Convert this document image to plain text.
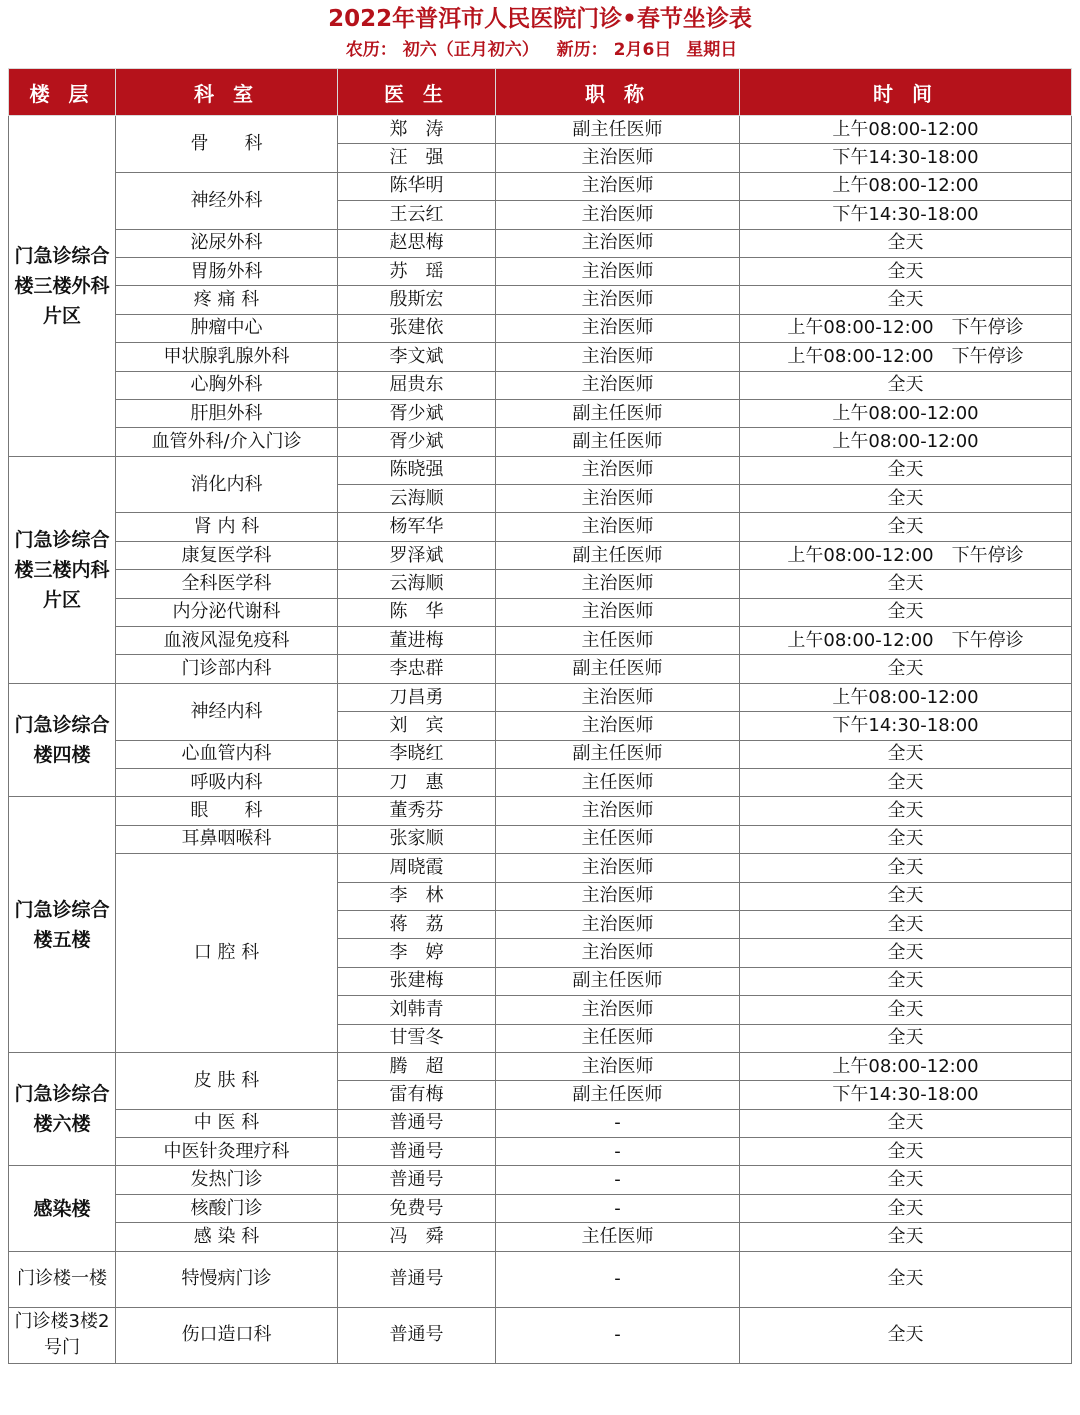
2022年普洱市人民医院门诊•春节坐诊表
农历： 初六（正月初六） 新历： 2月6日 星期日
楼 层	科 室	医 生	职 称	时 间
门急诊综合楼三楼外科片区	骨　　科	郑　涛	副主任医师	上午08:00-12:00
		汪　强	主治医师	下午14:30-18:00
	神经外科	陈华明	主治医师	上午08:00-12:00
		王云红	主治医师	下午14:30-18:00
	泌尿外科	赵思梅	主治医师	全天
	胃肠外科	苏　瑶	主治医师	全天
	疼 痛 科	殷斯宏	主治医师	全天
	肿瘤中心	张建依	主治医师	上午08:00-12:00　下午停诊
	甲状腺乳腺外科	李文斌	主治医师	上午08:00-12:00　下午停诊
	心胸外科	屈贵东	主治医师	全天
	肝胆外科	胥少斌	副主任医师	上午08:00-12:00
	血管外科/介入门诊	胥少斌	副主任医师	上午08:00-12:00
门急诊综合楼三楼内科片区	消化内科	陈晓强	主治医师	全天
		云海顺	主治医师	全天
	肾 内 科	杨军华	主治医师	全天
	康复医学科	罗泽斌	副主任医师	上午08:00-12:00　下午停诊
	全科医学科	云海顺	主治医师	全天
	内分泌代谢科	陈　华	主治医师	全天
	血液风湿免疫科	董进梅	主任医师	上午08:00-12:00　下午停诊
	门诊部内科	李忠群	副主任医师	全天
门急诊综合楼四楼	神经内科	刀昌勇	主治医师	上午08:00-12:00
		刘　宾	主治医师	下午14:30-18:00
	心血管内科	李晓红	副主任医师	全天
	呼吸内科	刀　惠	主任医师	全天
门急诊综合楼五楼	眼　　科	董秀芬	主治医师	全天
	耳鼻咽喉科	张家顺	主任医师	全天
	口 腔 科	周晓霞	主治医师	全天
		李　林	主治医师	全天
		蒋　荔	主治医师	全天
		李　婷	主治医师	全天
		张建梅	副主任医师	全天
		刘韩青	主治医师	全天
		甘雪冬	主任医师	全天
门急诊综合楼六楼	皮 肤 科	腾　超	主治医师	上午08:00-12:00
		雷有梅	副主任医师	下午14:30-18:00
	中 医 科	普通号	-	全天
	中医针灸理疗科	普通号	-	全天
感染楼	发热门诊	普通号	-	全天
	核酸门诊	免费号	-	全天
	感 染 科	冯　舜	主任医师	全天
门诊楼一楼	特慢病门诊	普通号	-	全天
门诊楼3楼2号门	伤口造口科	普通号	-	全天
